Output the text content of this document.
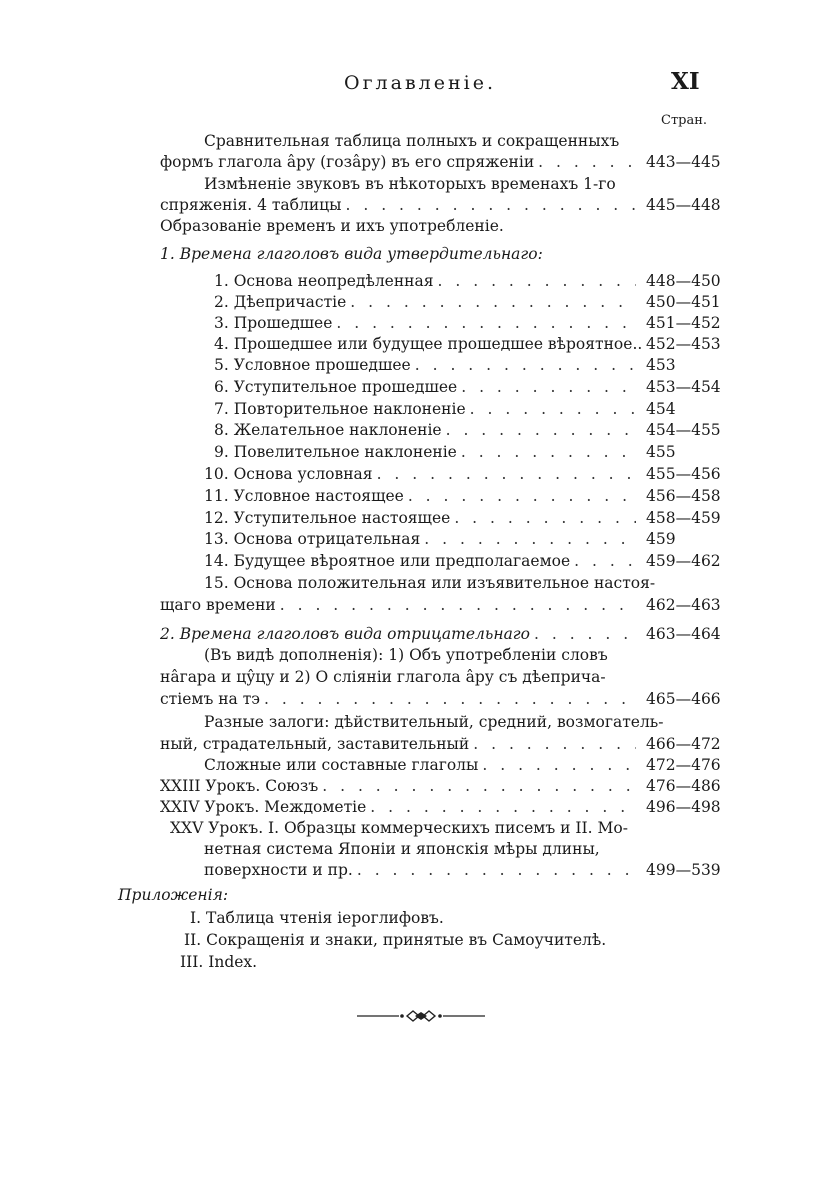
Оглавленiе.	XI
Стран.
Сравнительная таблица полныхъ и сокращенныхъ
формъ глагола а̂ру (гоза̂ру) въ его спряженiи . . .	443—445
Измѣненiе звуковъ въ нѣкоторыхъ временахъ 1-го
спряженiя. 4 таблицы . . .	445—448
Образованiе временъ и ихъ употребленiе.
1. Времена глаголовъ вида утвердительнаго:
1. Основа неопредѣленная . . .	448—450
2. Дѣепричастiе . . .	450—451
3. Прошедшее . . .	451—452
4. Прошедшее или будущее прошедшее вѣроятное.. 452—453
5. Условное прошедшее . . .	453
6. Уступительное прошедшее . . .	453—454
7. Повторительное наклоненiе . . .	454
8. Желательное наклоненiе . . .	454—455
9. Повелительное наклоненiе . . .	455
10. Основа условная . . .	455—456
11. Условное настоящее . . .	456—458
12. Уступительное настоящее . . .	458—459
13. Основа отрицательная . . .	459
14. Будущее вѣроятное или предполагаемое . . .	459—462
15. Основа положительная или изъявительное настоя-
щаго времени . . .	462—463
2. Времена глаголовъ вида отрицательнаго . . .	463—464
(Въ видѣ дополненiя): 1) Объ употребленiи словъ
на̂гара и цу̂цу и 2) О слiянiи глагола а̂ру съ дѣеприча-
стiемъ на тэ . . .	465—466
Разные залоги: дѣйствительный, средний, возмогатель-
ный, страдательный, заставительный . . .	466—472
Сложные или составные глаголы . . .	472—476
XXIII Урокъ. Союзъ . . .	476—486
XXIV Урокъ. Междометiе . . .	496—498
XXV Урокъ. I. Образцы коммерческихъ писемъ и II. Мо-
нетная система Японiи и японскiя мѣры длины,
поверхности и пр. . . .	499—539
Приложенiя:
I. Таблица чтенiя iероглифовъ.
II. Сокращенiя и знаки, принятые въ Самоучителѣ.
III. Index.
